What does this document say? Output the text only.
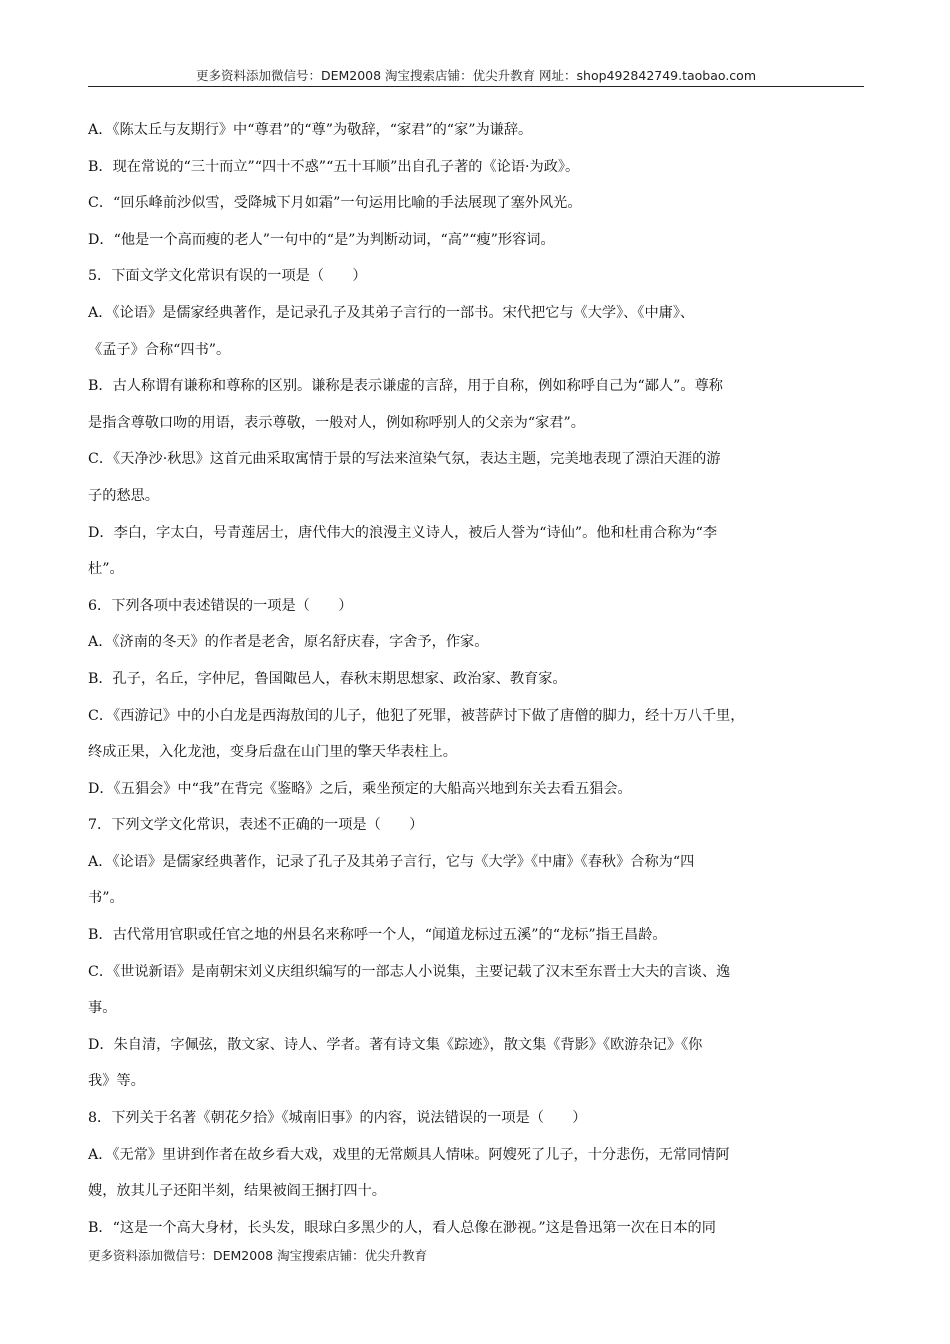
更多资料添加微信号：DEM2008 淘宝搜索店铺：优尖升教育 网址：shop492842749.taobao.com
A．《陈太丘与友期行》中“尊君”的“尊”为敬辞，“家君”的“家”为谦辞。
B．现在常说的“三十而立”“四十不惑”“五十耳顺”出自孔子著的《论语·为政》。
C．“回乐峰前沙似雪，受降城下月如霜”一句运用比喻的手法展现了塞外风光。
D．“他是一个高而瘦的老人”一句中的“是”为判断动词，“高”“瘦”形容词。
5．下面文学文化常识有误的一项是（　　）
A．《论语》是儒家经典著作，是记录孔子及其弟子言行的一部书。宋代把它与《大学》、《中庸》、
《孟子》合称“四书”。
B．古人称谓有谦称和尊称的区别。谦称是表示谦虚的言辞，用于自称，例如称呼自己为“鄙人”。尊称
是指含尊敬口吻的用语，表示尊敬，一般对人，例如称呼别人的父亲为“家君”。
C．《天净沙·秋思》这首元曲采取寓情于景的写法来渲染气氛，表达主题，完美地表现了漂泊天涯的游
子的愁思。
D．李白，字太白，号青莲居士，唐代伟大的浪漫主义诗人，被后人誉为“诗仙”。他和杜甫合称为“李
杜”。
6．下列各项中表述错误的一项是（　　）
A．《济南的冬天》的作者是老舍，原名舒庆春，字舍予，作家。
B．孔子，名丘，字仲尼，鲁国陬邑人，春秋末期思想家、政治家、教育家。
C．《西游记》中的小白龙是西海敖闰的儿子，他犯了死罪，被菩萨讨下做了唐僧的脚力，经十万八千里，
终成正果，入化龙池，变身后盘在山门里的擎天华表柱上。
D．《五猖会》中“我”在背完《鉴略》之后，乘坐预定的大船高兴地到东关去看五猖会。
7．下列文学文化常识，表述不正确的一项是（　　）
A．《论语》是儒家经典著作，记录了孔子及其弟子言行，它与《大学》《中庸》《春秋》合称为“四
书”。
B．古代常用官职或任官之地的州县名来称呼一个人，“闻道龙标过五溪”的“龙标”指王昌龄。
C．《世说新语》是南朝宋刘义庆组织编写的一部志人小说集，主要记载了汉末至东晋士大夫的言谈、逸
事。
D．朱自清，字佩弦，散文家、诗人、学者。著有诗文集《踪迹》，散文集《背影》《欧游杂记》《你
我》等。
8．下列关于名著《朝花夕拾》《城南旧事》的内容，说法错误的一项是（　　）
A．《无常》里讲到作者在故乡看大戏，戏里的无常颇具人情味。阿嫂死了儿子，十分悲伤，无常同情阿
嫂，放其儿子还阳半刻，结果被阎王捆打四十。
B．“这是一个高大身材，长头发，眼球白多黑少的人，看人总像在渺视。”这是鲁迅第一次在日本的同
更多资料添加微信号：DEM2008 淘宝搜索店铺：优尖升教育
